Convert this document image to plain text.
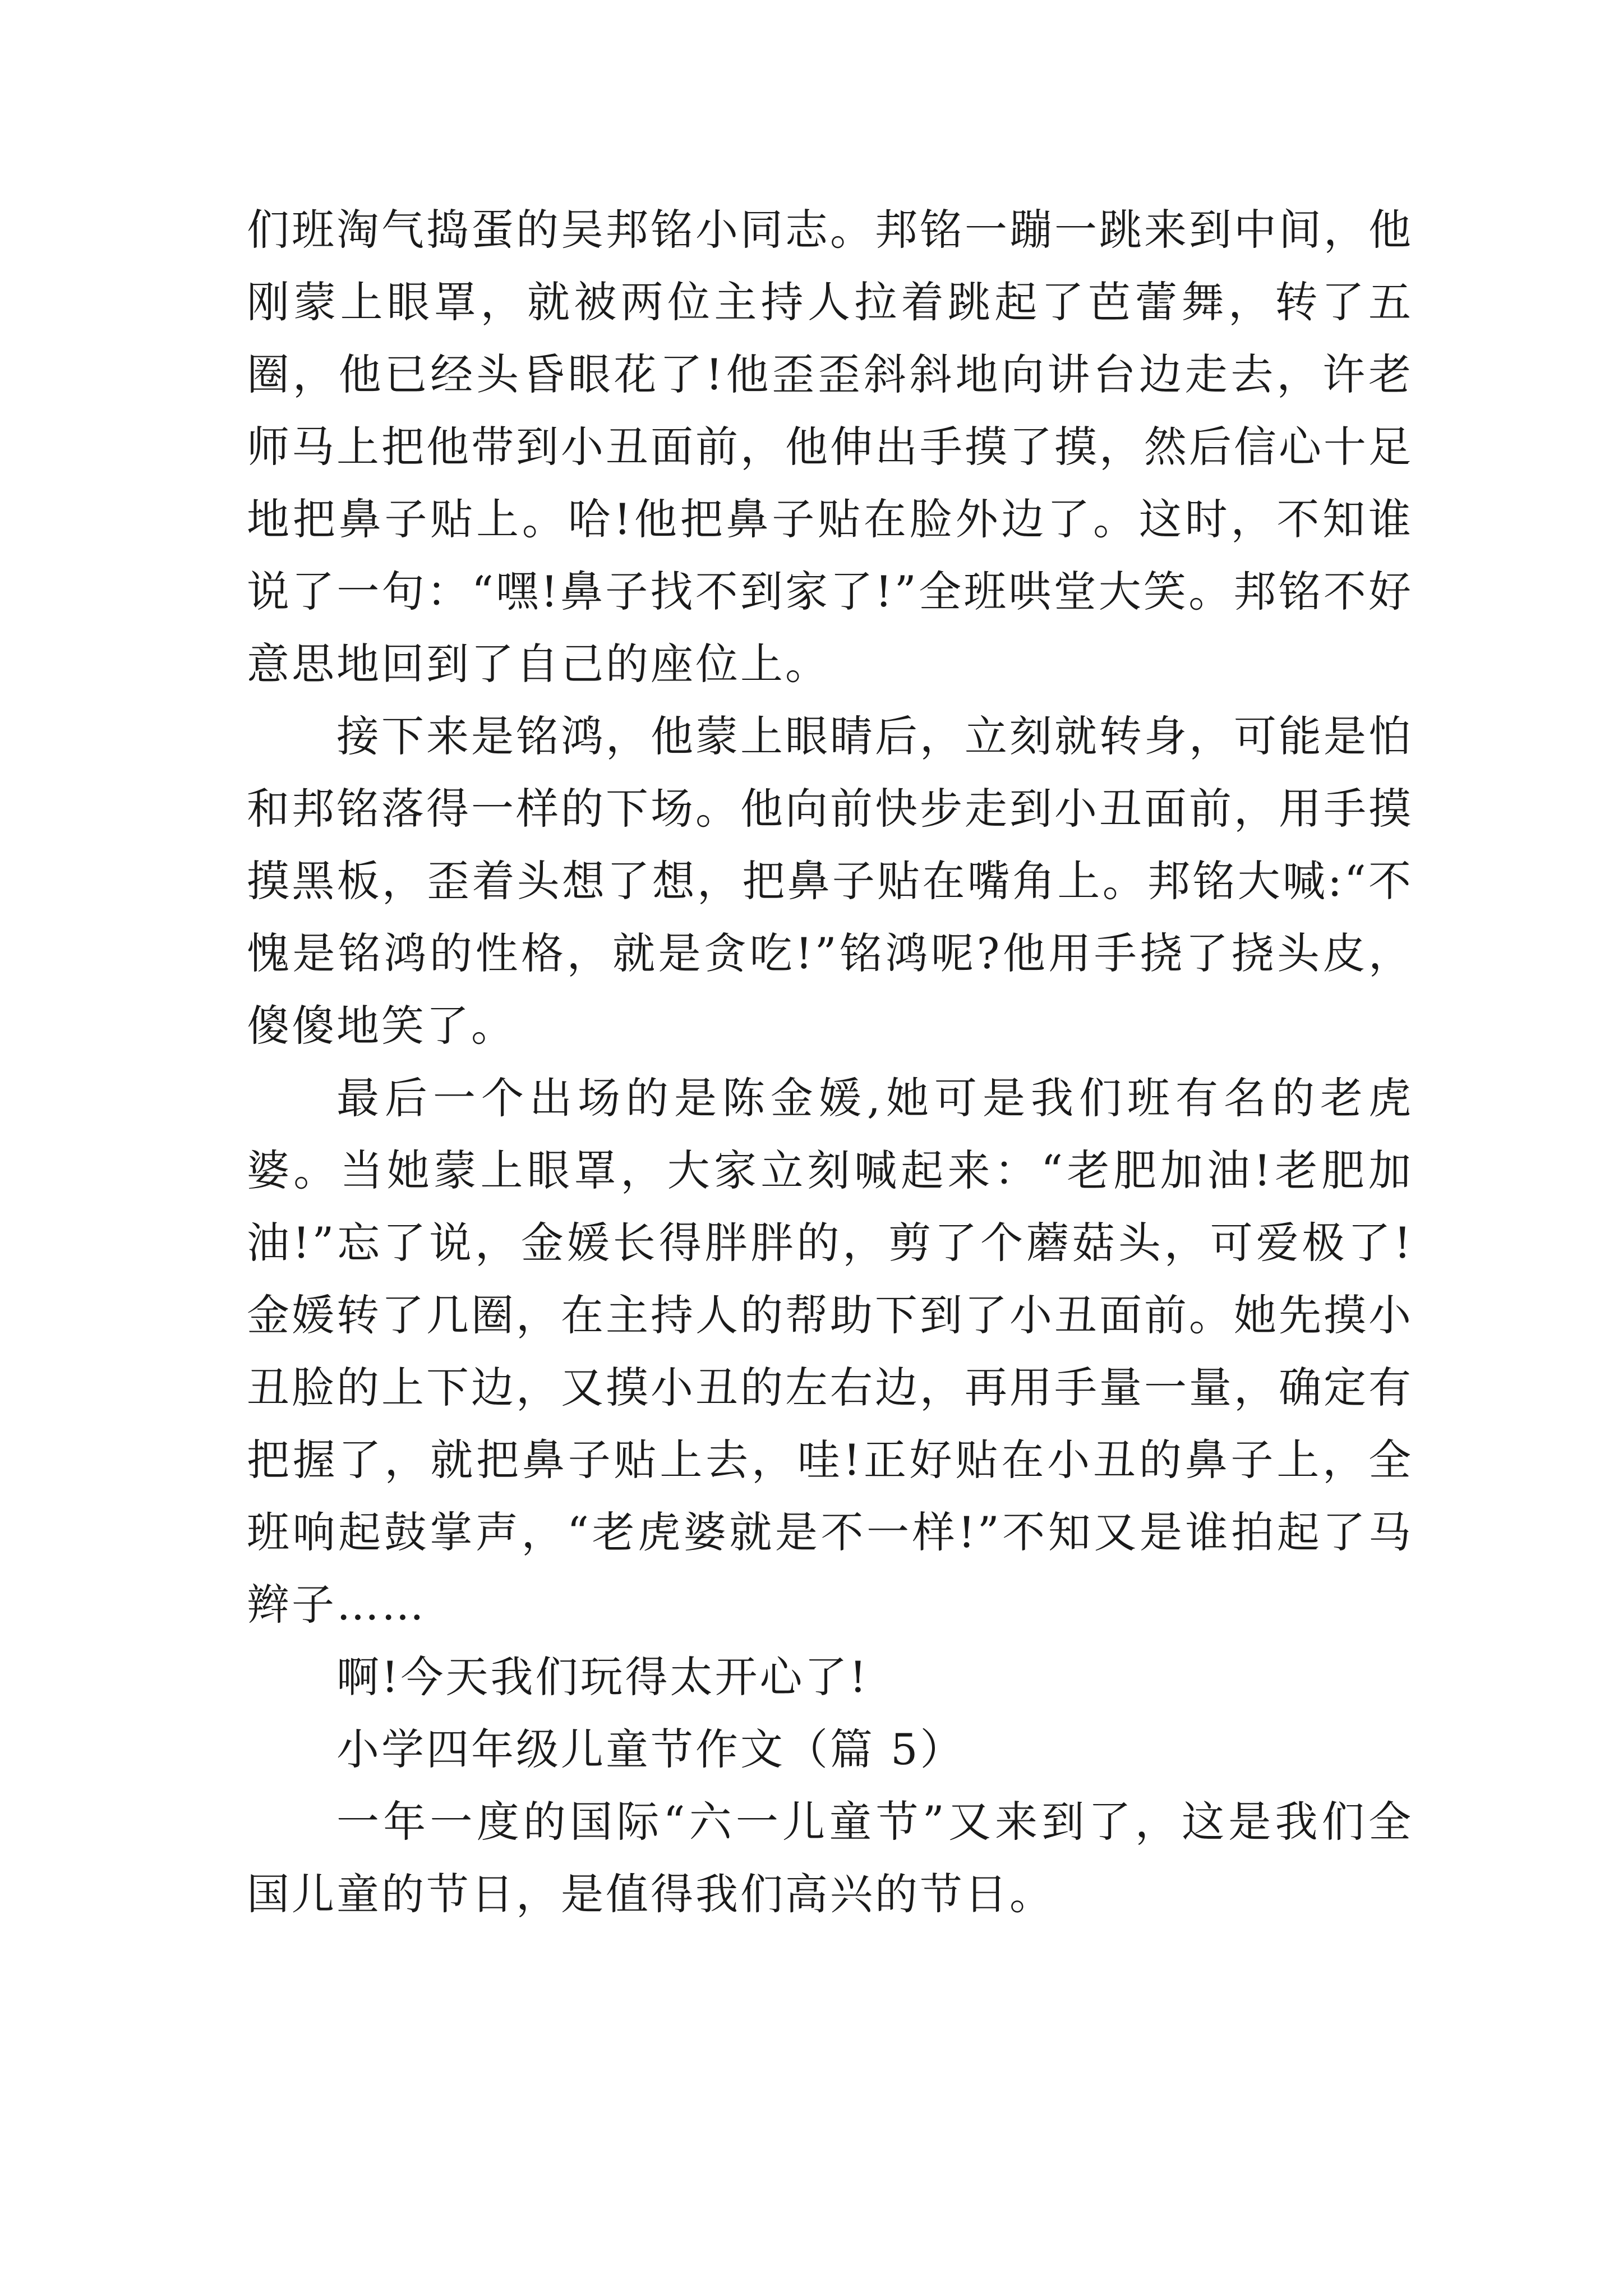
们班淘气捣蛋的吴邦铭小同志。邦铭一蹦一跳来到中间，他刚蒙上眼罩，就被两位主持人拉着跳起了芭蕾舞，转了五圈，他已经头昏眼花了!他歪歪斜斜地向讲台边走去，许老师马上把他带到小丑面前，他伸出手摸了摸，然后信心十足地把鼻子贴上。哈!他把鼻子贴在脸外边了。这时，不知谁说了一句：“嘿!鼻子找不到家了!”全班哄堂大笑。邦铭不好意思地回到了自己的座位上。

接下来是铭鸿，他蒙上眼睛后，立刻就转身，可能是怕和邦铭落得一样的下场。他向前快步走到小丑面前，用手摸摸黑板，歪着头想了想，把鼻子贴在嘴角上。邦铭大喊:“不愧是铭鸿的性格，就是贪吃!”铭鸿呢?他用手挠了挠头皮，傻傻地笑了。

最后一个出场的是陈金媛,她可是我们班有名的老虎婆。当她蒙上眼罩，大家立刻喊起来：“老肥加油!老肥加油!”忘了说，金媛长得胖胖的，剪了个蘑菇头，可爱极了!金媛转了几圈，在主持人的帮助下到了小丑面前。她先摸小丑脸的上下边，又摸小丑的左右边，再用手量一量，确定有把握了，就把鼻子贴上去，哇!正好贴在小丑的鼻子上，全班响起鼓掌声，“老虎婆就是不一样!”不知又是谁拍起了马辫子……

啊!今天我们玩得太开心了!

小学四年级儿童节作文（篇 5）

一年一度的国际“六一儿童节”又来到了，这是我们全国儿童的节日，是值得我们高兴的节日。
